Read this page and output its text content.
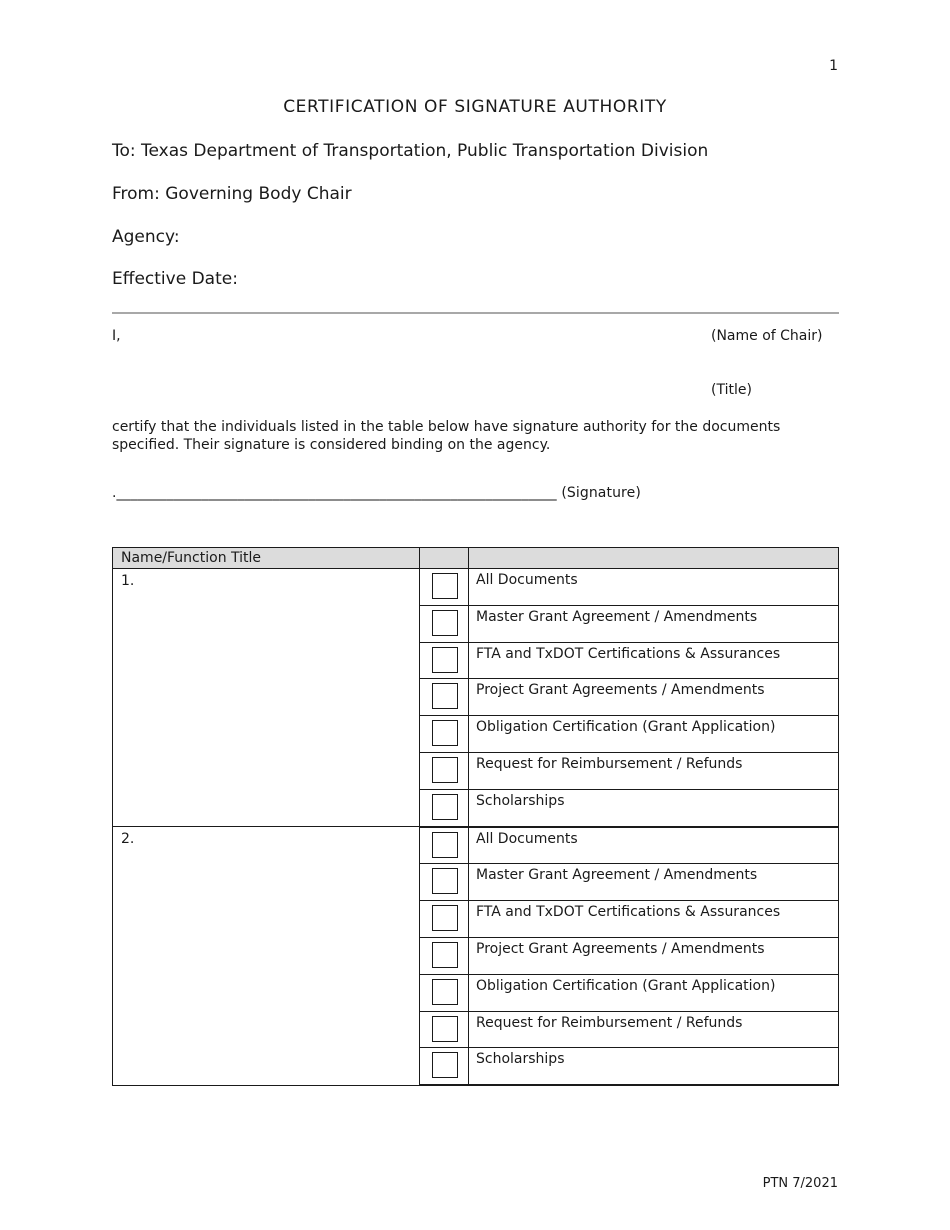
1
CERTIFICATION OF SIGNATURE AUTHORITY
To: Texas Department of Transportation, Public Transportation Division
From: Governing Body Chair
Agency:
Effective Date:
I,	(Name of Chair)
(Title)
certify that the individuals listed in the table below have signature authority for the documents specified. Their signature is considered binding on the agency.
.______________________________________________________________ (Signature)
Name/Function Title		
1.		All Documents

		Master Grant Agreement / Amendments

		FTA and TxDOT Certifications & Assurances

		Project Grant Agreements / Amendments

		Obligation Certification (Grant Application)

		Request for Reimbursement / Refunds

		Scholarships
2.		All Documents

		Master Grant Agreement / Amendments

		FTA and TxDOT Certifications & Assurances

		Project Grant Agreements / Amendments

		Obligation Certification (Grant Application)

		Request for Reimbursement / Refunds

		Scholarships
PTN 7/2021
